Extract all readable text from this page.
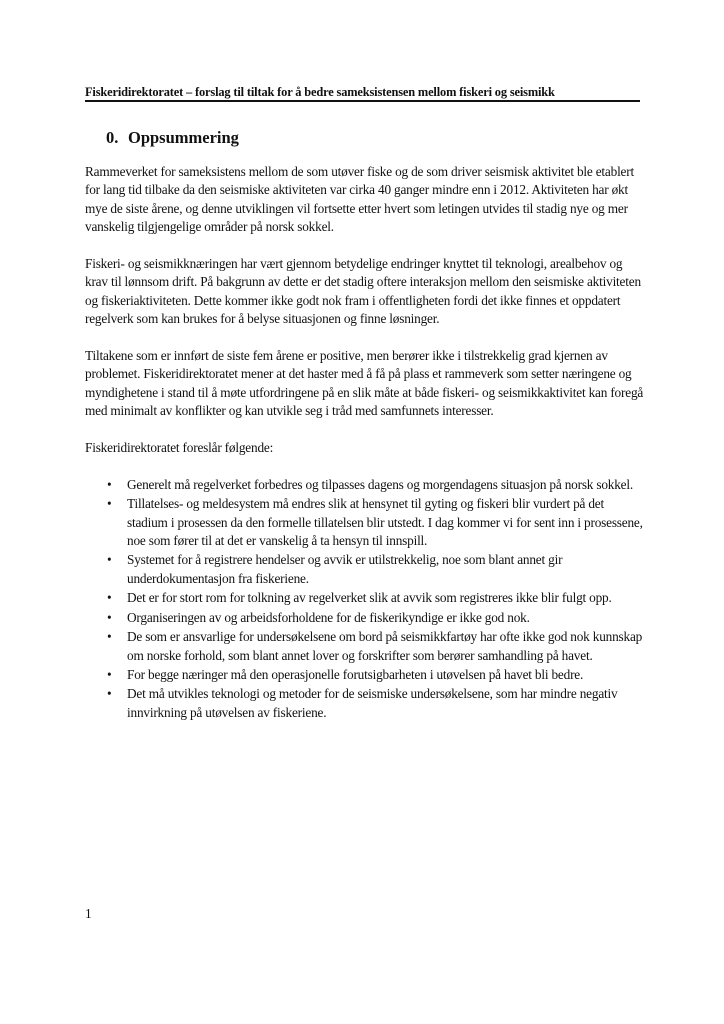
Fiskeridirektoratet – forslag til tiltak for å bedre sameksistensen mellom fiskeri og seismikk
0. Oppsummering

Rammeverket for sameksistens mellom de som utøver fiske og de som driver seismisk aktivitet ble etablert for lang tid tilbake da den seismiske aktiviteten var cirka 40 ganger mindre enn i 2012. Aktiviteten har økt mye de siste årene, og denne utviklingen vil fortsette etter hvert som letingen utvides til stadig nye og mer vanskelig tilgjengelige områder på norsk sokkel.

Fiskeri- og seismikknæringen har vært gjennom betydelige endringer knyttet til teknologi, arealbehov og krav til lønnsom drift. På bakgrunn av dette er det stadig oftere interaksjon mellom den seismiske aktiviteten og fiskeriaktiviteten. Dette kommer ikke godt nok fram i offentligheten fordi det ikke finnes et oppdatert regelverk som kan brukes for å belyse situasjonen og finne løsninger.

Tiltakene som er innført de siste fem årene er positive, men berører ikke i tilstrekkelig grad kjernen av problemet. Fiskeridirektoratet mener at det haster med å få på plass et rammeverk som setter næringene og myndighetene i stand til å møte utfordringene på en slik måte at både fiskeri- og seismikkaktivitet kan foregå med minimalt av konflikter og kan utvikle seg i tråd med samfunnets interesser.

Fiskeridirektoratet foreslår følgende:

• Generelt må regelverket forbedres og tilpasses dagens og morgendagens situasjon på norsk sokkel.
• Tillatelses- og meldesystem må endres slik at hensynet til gyting og fiskeri blir vurdert på det stadium i prosessen da den formelle tillatelsen blir utstedt. I dag kommer vi for sent inn i prosessene, noe som fører til at det er vanskelig å ta hensyn til innspill.
• Systemet for å registrere hendelser og avvik er utilstrekkelig, noe som blant annet gir underdokumentasjon fra fiskeriene.
• Det er for stort rom for tolkning av regelverket slik at avvik som registreres ikke blir fulgt opp.
• Organiseringen av og arbeidsforholdene for de fiskerikyndige er ikke god nok.
• De som er ansvarlige for undersøkelsene om bord på seismikkfartøy har ofte ikke god nok kunnskap om norske forhold, som blant annet lover og forskrifter som berører samhandling på havet.
• For begge næringer må den operasjonelle forutsigbarheten i utøvelsen på havet bli bedre.
• Det må utvikles teknologi og metoder for de seismiske undersøkelsene, som har mindre negativ innvirkning på utøvelsen av fiskeriene.
1
